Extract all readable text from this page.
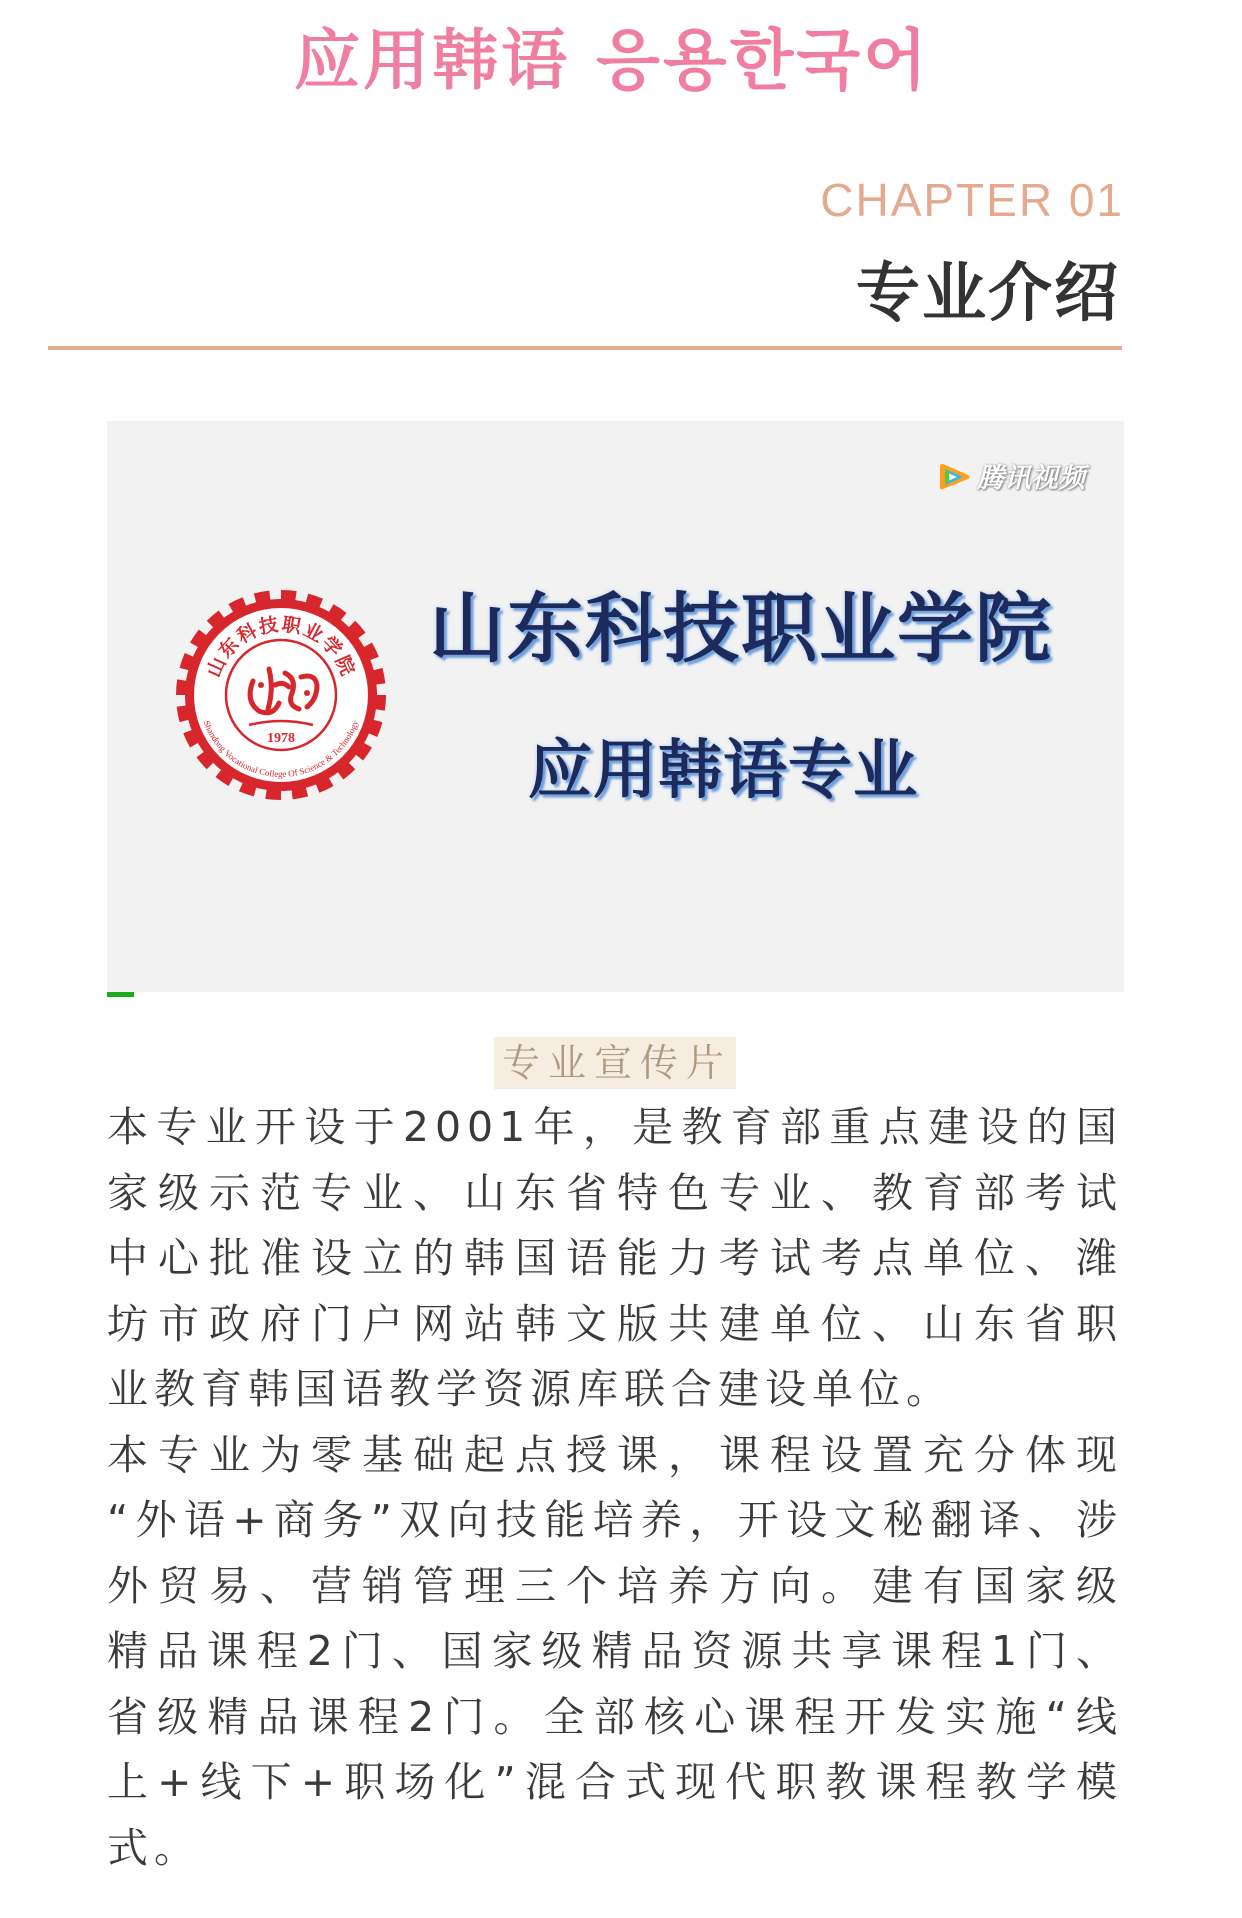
应用韩语 응용한국어
CHAPTER 01
专业介绍
腾讯视频
山东科技职业学院
Shandong Vocational College Of Science & Technology
1978
山东科技职业学院
应用韩语专业
专业宣传片
本专业开设于2001年，是教育部重点建设的国
家级示范专业、山东省特色专业、教育部考试
中心批准设立的韩国语能力考试考点单位、潍
坊市政府门户网站韩文版共建单位、山东省职
业教育韩国语教学资源库联合建设单位。
本专业为零基础起点授课，课程设置充分体现
“外语+商务”双向技能培养，开设文秘翻译、涉
外贸易、营销管理三个培养方向。建有国家级
精品课程2门、国家级精品资源共享课程1门、
省级精品课程2门。全部核心课程开发实施“线
上+线下+职场化”混合式现代职教课程教学模
式。
